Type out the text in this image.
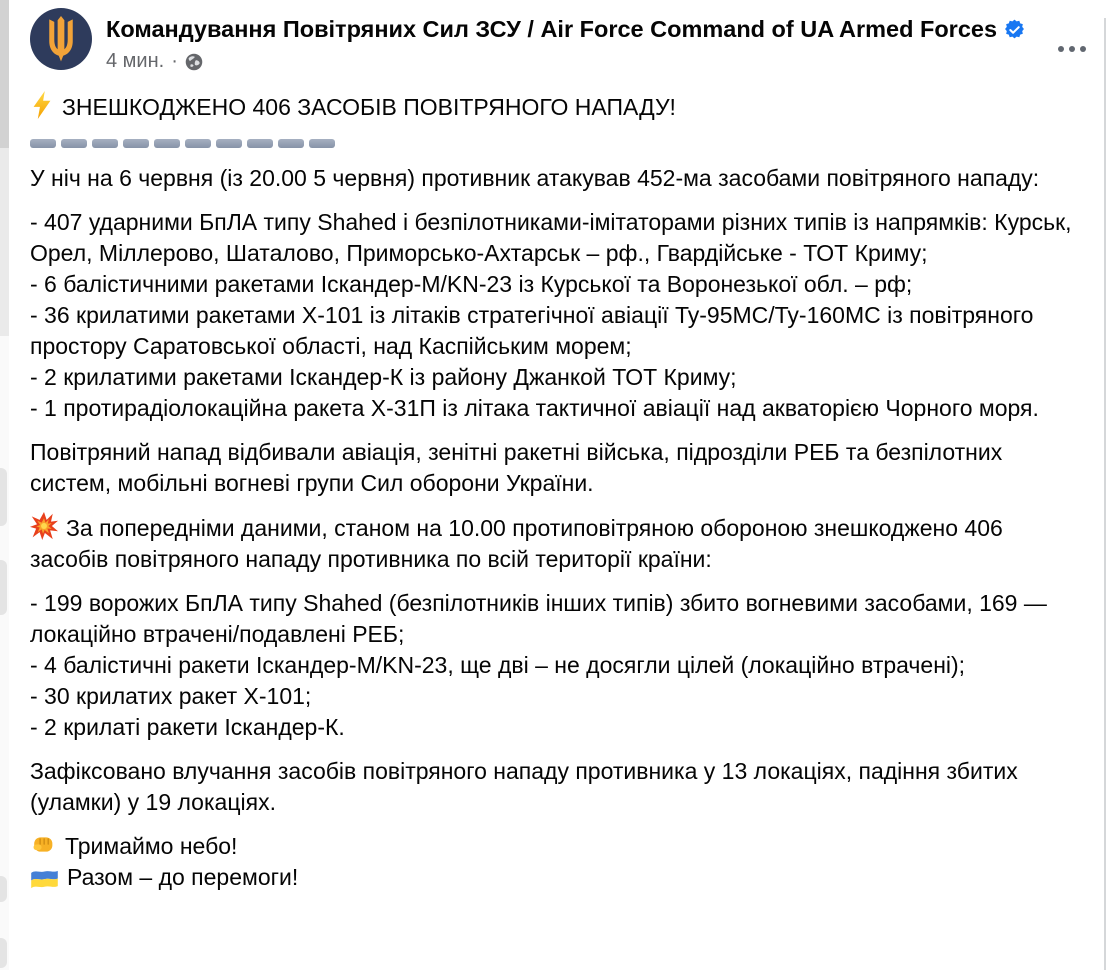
Командування Повітряних Сил ЗСУ / Air Force Command of UA Armed Forces
4 мин. ·
ЗНЕШКОДЖЕНО 406 ЗАСОБІВ ПОВІТРЯНОГО НАПАДУ!
У ніч на 6 червня (із 20.00 5 червня) противник атакував 452-ма засобами повітряного нападу:
- 407 ударними БпЛА типу Shahed і безпілотниками-імітаторами різних типів із напрямків: Курськ, Орел, Міллерово, Шаталово, Приморсько-Ахтарськ – рф., Гвардійське - ТОТ Криму;
- 6 балістичними ракетами Іскандер-М/KN-23 із Курської та Воронезької обл. – рф;
- 36 крилатими ракетами Х-101 із літаків стратегічної авіації Ту-95МС/Ту-160МС із повітряного простору Саратовської області, над Каспійським морем;
- 2 крилатими ракетами Іскандер-К із району Джанкой ТОТ Криму;
- 1 протирадіолокаційна ракета Х-31П із літака тактичної авіації над акваторією Чорного моря.
Повітряний напад відбивали авіація, зенітні ракетні війська, підрозділи РЕБ та безпілотних систем, мобільні вогневі групи Сил оборони України.
За попередніми даними, станом на 10.00 протиповітряною обороною знешкоджено 406 засобів повітряного нападу противника по всій території країни:
- 199 ворожих БпЛА типу Shahed (безпілотників інших типів) збито вогневими засобами, 169 — локаційно втрачені/подавлені РЕБ;
- 4 балістичні ракети Іскандер-М/KN-23, ще дві – не досягли цілей (локаційно втрачені);
- 30 крилатих ракет Х-101;
- 2 крилаті ракети Іскандер-К.
Зафіксовано влучання засобів повітряного нападу противника у 13 локаціях, падіння збитих (уламки) у 19 локаціях.
Тримаймо небо!
Разом – до перемоги!
